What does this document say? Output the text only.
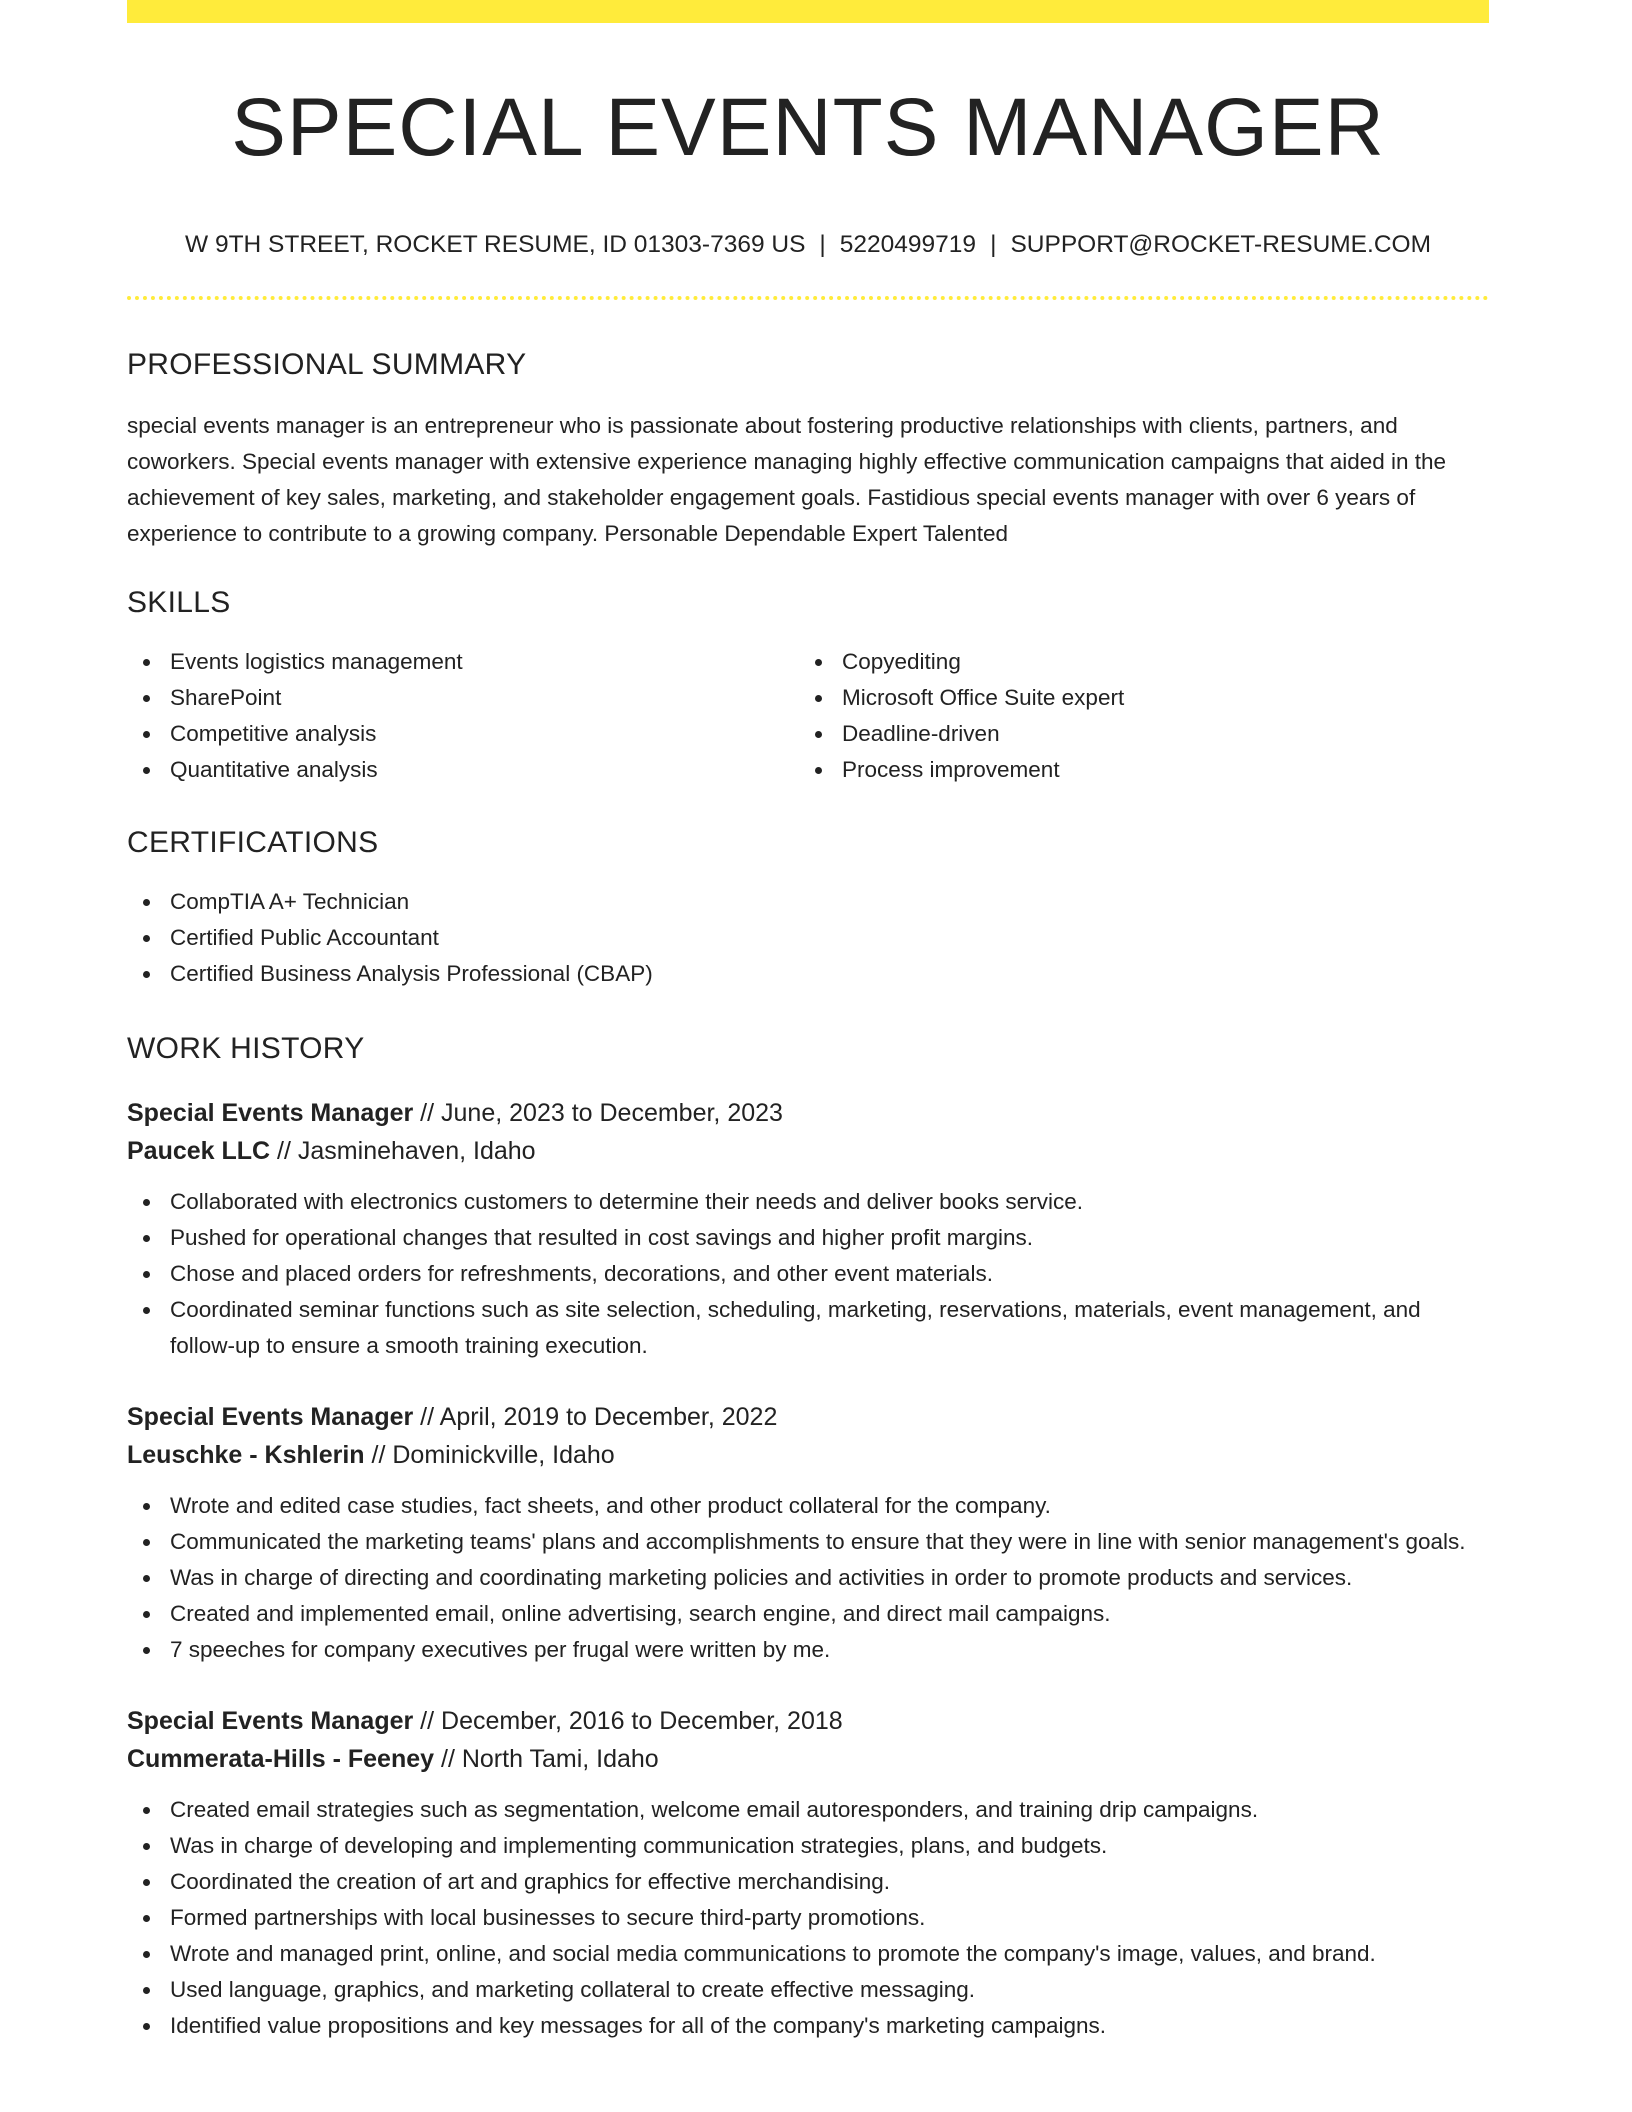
SPECIAL EVENTS MANAGER
W 9TH STREET, ROCKET RESUME, ID 01303-7369 US | 5220499719 | SUPPORT@ROCKET-RESUME.COM
PROFESSIONAL SUMMARY

special events manager is an entrepreneur who is passionate about fostering productive relationships with clients, partners, and coworkers. Special events manager with extensive experience managing highly effective communication campaigns that aided in the achievement of key sales, marketing, and stakeholder engagement goals. Fastidious special events manager with over 6 years of experience to contribute to a growing company. Personable Dependable Expert Talented

SKILLS
Events logistics management
SharePoint
Competitive analysis
Quantitative analysis
Copyediting
Microsoft Office Suite expert
Deadline-driven
Process improvement
CERTIFICATIONS
CompTIA A+ Technician
Certified Public Accountant
Certified Business Analysis Professional (CBAP)
WORK HISTORY
Special Events Manager // June, 2023 to December, 2023
Paucek LLC // Jasminehaven, Idaho
Collaborated with electronics customers to determine their needs and deliver books service.
Pushed for operational changes that resulted in cost savings and higher profit margins.
Chose and placed orders for refreshments, decorations, and other event materials.
Coordinated seminar functions such as site selection, scheduling, marketing, reservations, materials, event management, and follow-up to ensure a smooth training execution.
Special Events Manager // April, 2019 to December, 2022
Leuschke - Kshlerin // Dominickville, Idaho
Wrote and edited case studies, fact sheets, and other product collateral for the company.
Communicated the marketing teams' plans and accomplishments to ensure that they were in line with senior management's goals.
Was in charge of directing and coordinating marketing policies and activities in order to promote products and services.
Created and implemented email, online advertising, search engine, and direct mail campaigns.
7 speeches for company executives per frugal were written by me.
Special Events Manager // December, 2016 to December, 2018
Cummerata-Hills - Feeney // North Tami, Idaho
Created email strategies such as segmentation, welcome email autoresponders, and training drip campaigns.
Was in charge of developing and implementing communication strategies, plans, and budgets.
Coordinated the creation of art and graphics for effective merchandising.
Formed partnerships with local businesses to secure third-party promotions.
Wrote and managed print, online, and social media communications to promote the company's image, values, and brand.
Used language, graphics, and marketing collateral to create effective messaging.
Identified value propositions and key messages for all of the company's marketing campaigns.
